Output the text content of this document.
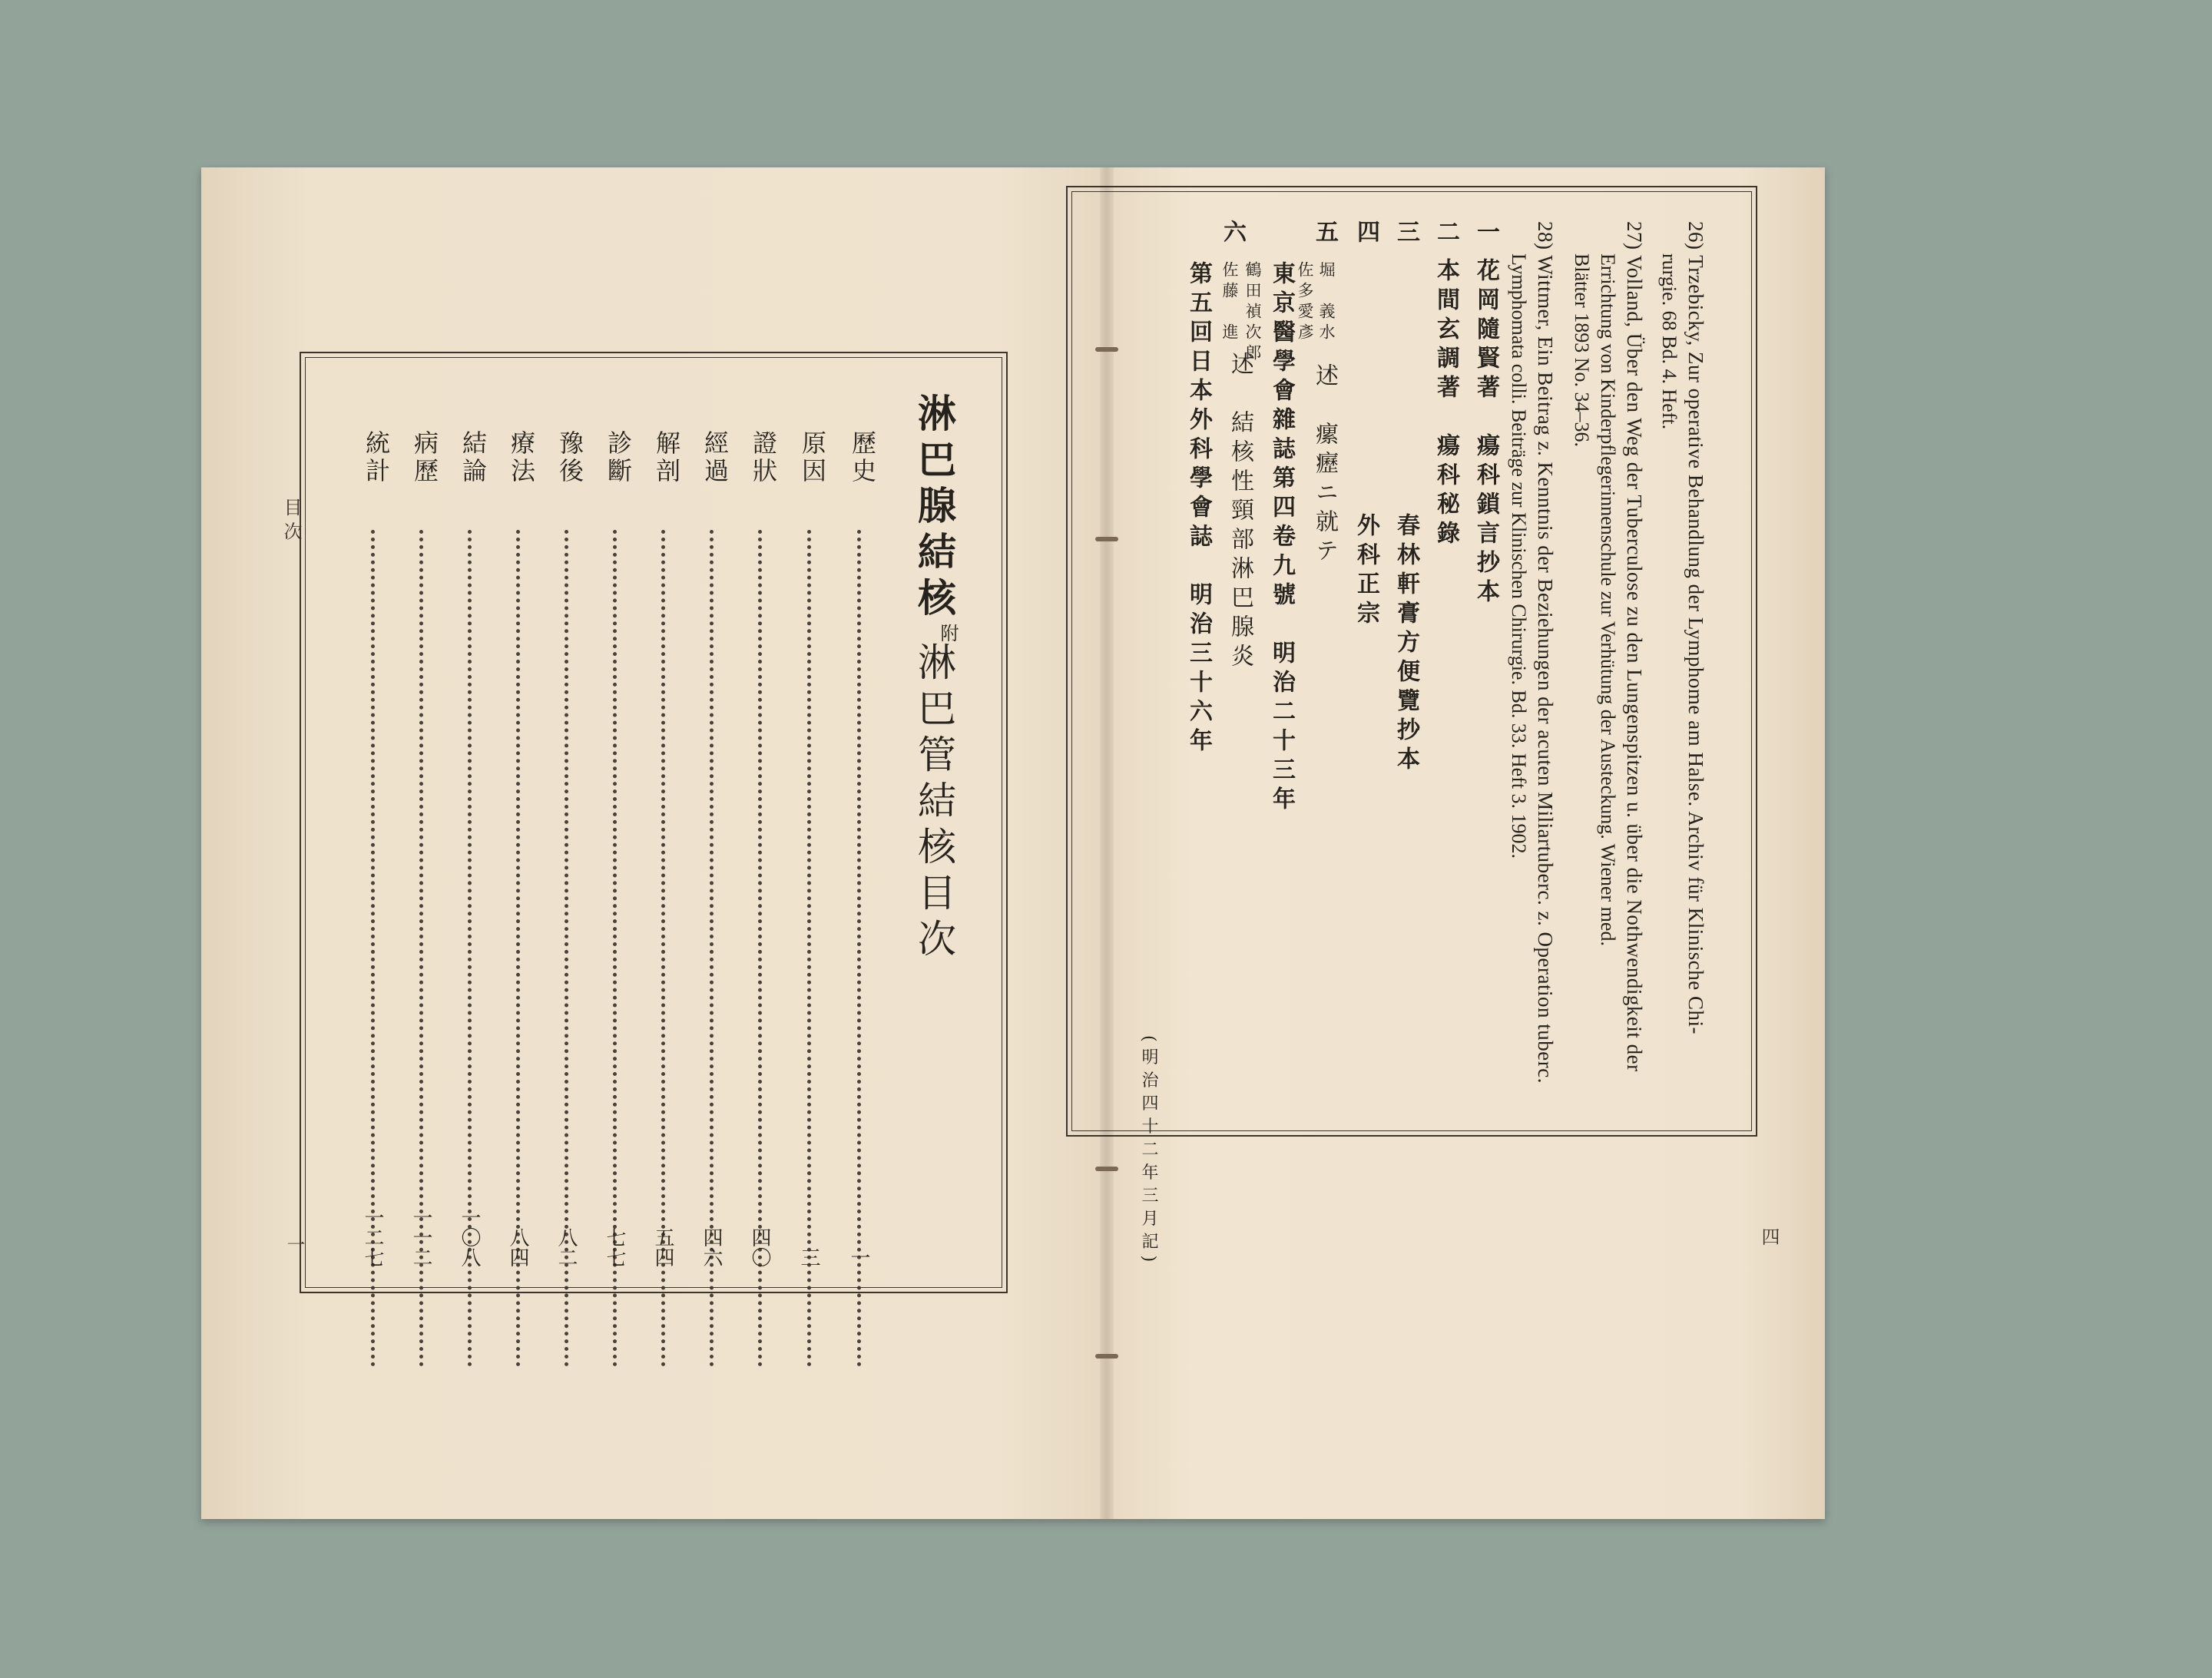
目 次
一
淋巴腺結核$^附$淋巴管結核目次
歷史
一
原因
三
證狀
四〇
經過
四六
解剖
五四
診斷
七七
豫後
八二
療法
八四
結論
一〇八
病歷
一一二
統計
一二七	四
26) Trzebicky, Zur operative Behandlung der Lymphome am Halse. Archiv für Klinische Chi-
rurgie. 68 Bd. 4. Heft.
27) Volland, Über den Weg der Tuberculose zu den Lungenspitzen u. über die Nothwendigkeit der
Errichtung von Kinderpflegerinnenschule zur Verhütung der Austeckung. Wiener med.
Blätter 1893 No. 34–36.
28) Wittmer, Ein Beitrag z. Kenntnis der Beziehungen der acuten Miliartuberc. z. Operation tuberc.
Lymphomata colli. Beiträge zur Klinischen Chirurgie. Bd. 33. Heft 3. 1902.
一
花岡隨賢著　瘍科鎖言抄本
二
本間玄調著　瘍科秘錄
三
春林軒膏方便覽抄本
四
外科正宗
五
堀　義水
佐多愛彥
述　瘰癧ニ就テ
東京醫學會雜誌第四卷九號　明治二十三年
六
鶴田禎次郎
佐藤　進
述　結核性頸部淋巴腺炎
第五回日本外科學會誌　明治三十六年
(明治四十二年三月記)
